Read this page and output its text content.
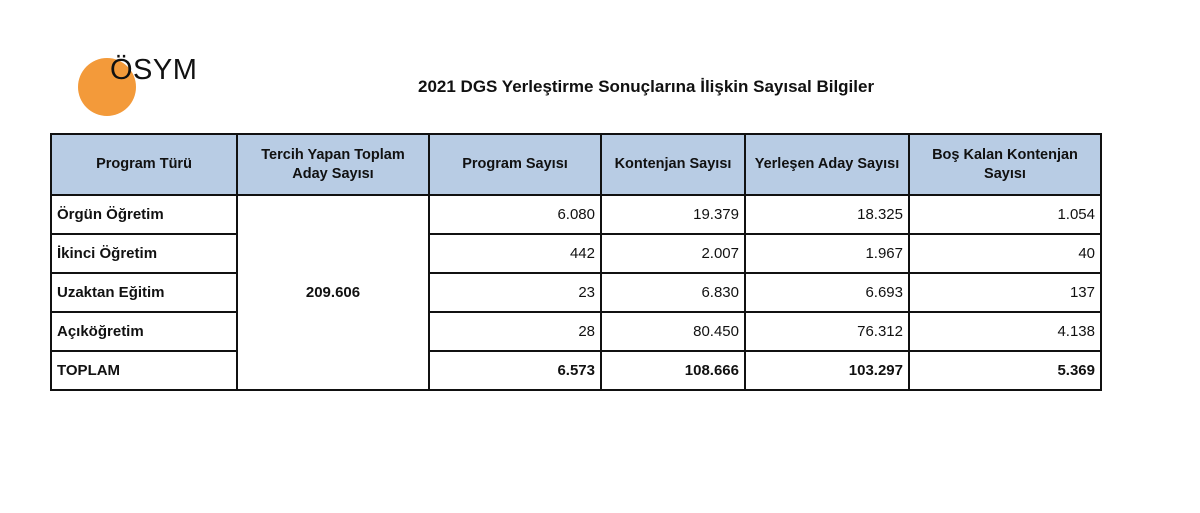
ÖSYM
2021 DGS Yerleştirme Sonuçlarına İlişkin Sayısal Bilgiler
Program Türü	Tercih Yapan Toplam Aday Sayısı	Program Sayısı	Kontenjan Sayısı	Yerleşen Aday Sayısı	Boş Kalan Kontenjan Sayısı
Örgün Öğretim	209.606	6.080	19.379	18.325	1.054
İkinci Öğretim		442	2.007	1.967	40
Uzaktan Eğitim		23	6.830	6.693	137
Açıköğretim		28	80.450	76.312	4.138
TOPLAM		6.573	108.666	103.297	5.369
